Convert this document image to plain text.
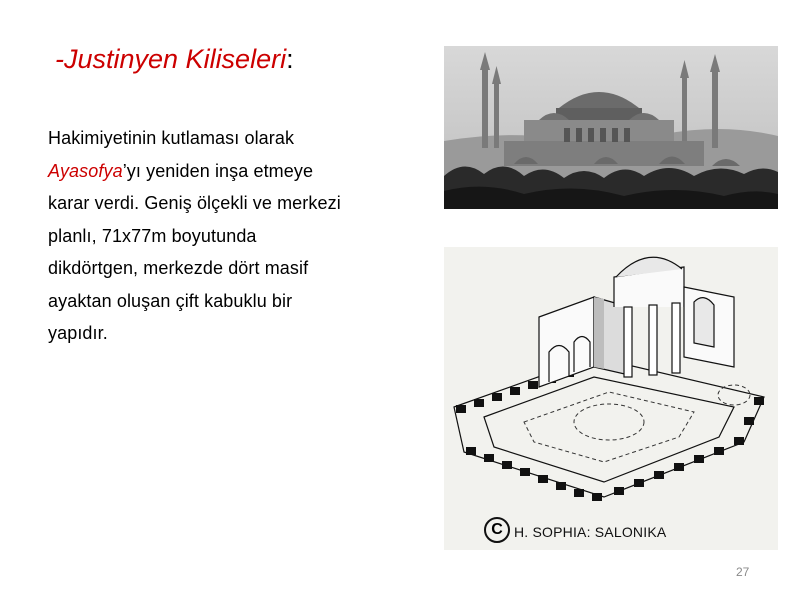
-Justinyen Kiliseleri:
Hakimiyetinin kutlaması olarak
Ayasofya’yı yeniden inşa etmeye
karar verdi. Geniş ölçekli ve merkezi
planlı, 71x77m boyutunda
dikdörtgen, merkezde dört masif
ayaktan oluşan çift kabuklu bir
yapıdır.
C H. SOPHIA: SALONIKA
27
